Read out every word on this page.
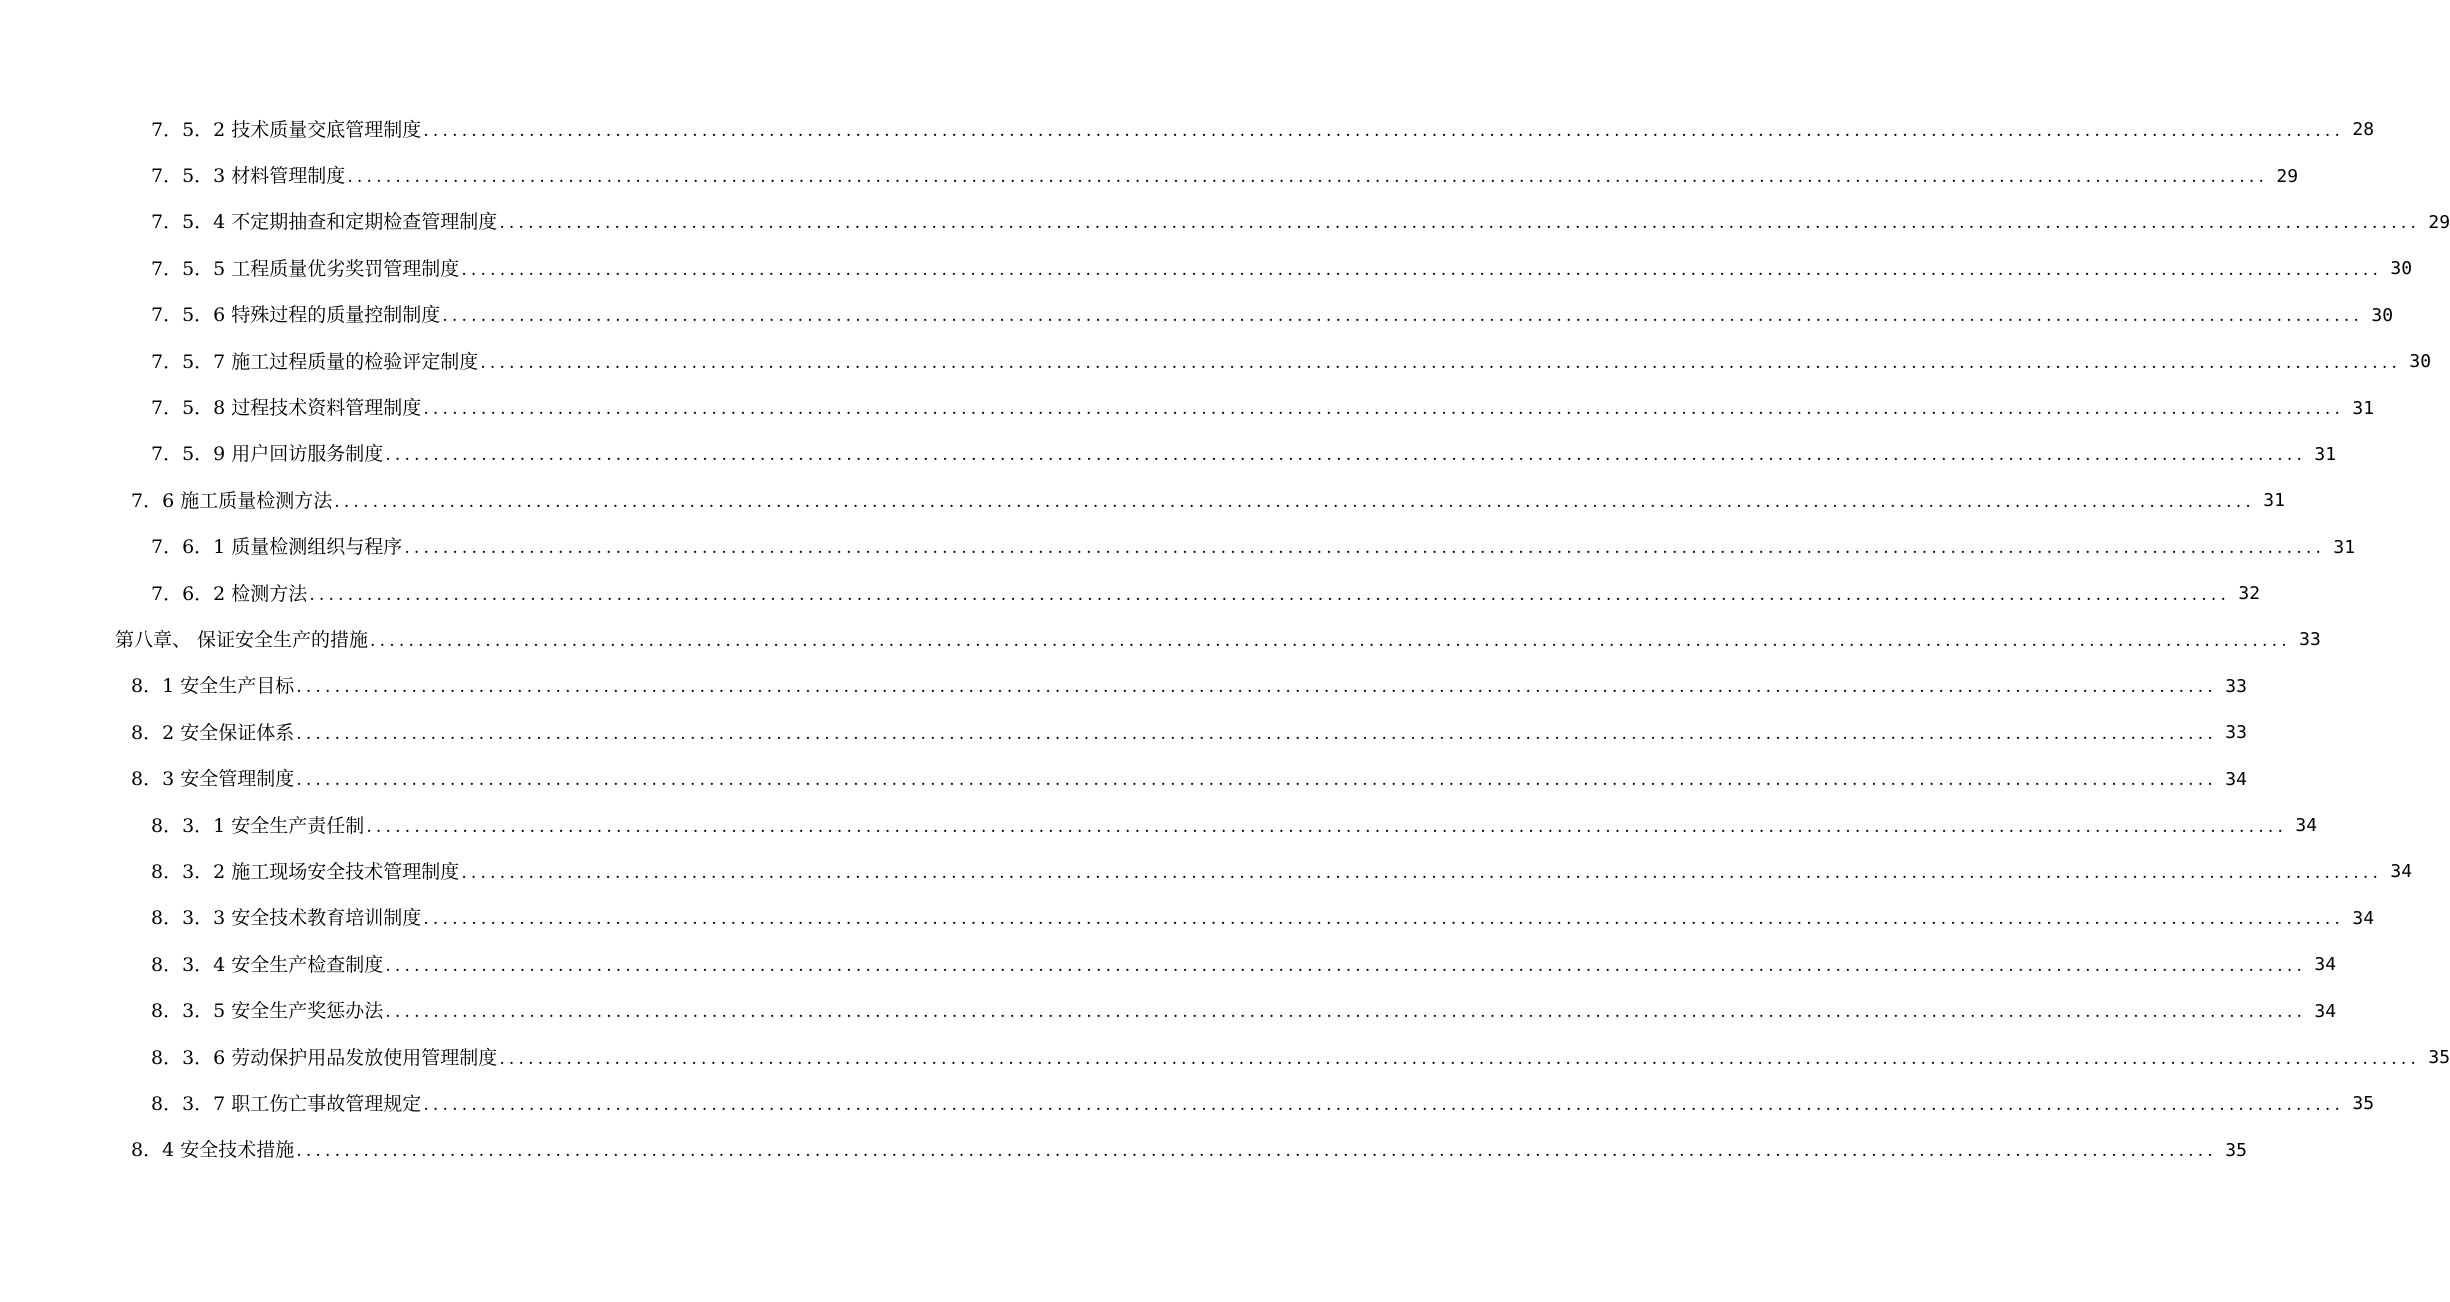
7．5．2 技术质量交底管理制度 ........................................................................................................................................................................................................ 28
7．5．3 材料管理制度 ........................................................................................................................................................................................................ 29
7．5．4 不定期抽查和定期检查管理制度 ........................................................................................................................................................................................................ 29
7．5．5 工程质量优劣奖罚管理制度 ........................................................................................................................................................................................................ 30
7．5．6 特殊过程的质量控制制度 ........................................................................................................................................................................................................ 30
7．5．7 施工过程质量的检验评定制度 ........................................................................................................................................................................................................ 30
7．5．8 过程技术资料管理制度 ........................................................................................................................................................................................................ 31
7．5．9 用户回访服务制度 ........................................................................................................................................................................................................ 31
7．6 施工质量检测方法 ........................................................................................................................................................................................................ 31
7．6．1 质量检测组织与程序 ........................................................................................................................................................................................................ 31
7．6．2 检测方法 ........................................................................................................................................................................................................ 32
第八章、 保证安全生产的措施 ........................................................................................................................................................................................................ 33
8．1 安全生产目标 ........................................................................................................................................................................................................ 33
8．2 安全保证体系 ........................................................................................................................................................................................................ 33
8．3 安全管理制度 ........................................................................................................................................................................................................ 34
8．3．1 安全生产责任制 ........................................................................................................................................................................................................ 34
8．3．2 施工现场安全技术管理制度 ........................................................................................................................................................................................................ 34
8．3．3 安全技术教育培训制度 ........................................................................................................................................................................................................ 34
8．3．4 安全生产检查制度 ........................................................................................................................................................................................................ 34
8．3．5 安全生产奖惩办法 ........................................................................................................................................................................................................ 34
8．3．6 劳动保护用品发放使用管理制度 ........................................................................................................................................................................................................ 35
8．3．7 职工伤亡事故管理规定 ........................................................................................................................................................................................................ 35
8．4 安全技术措施 ........................................................................................................................................................................................................ 35
